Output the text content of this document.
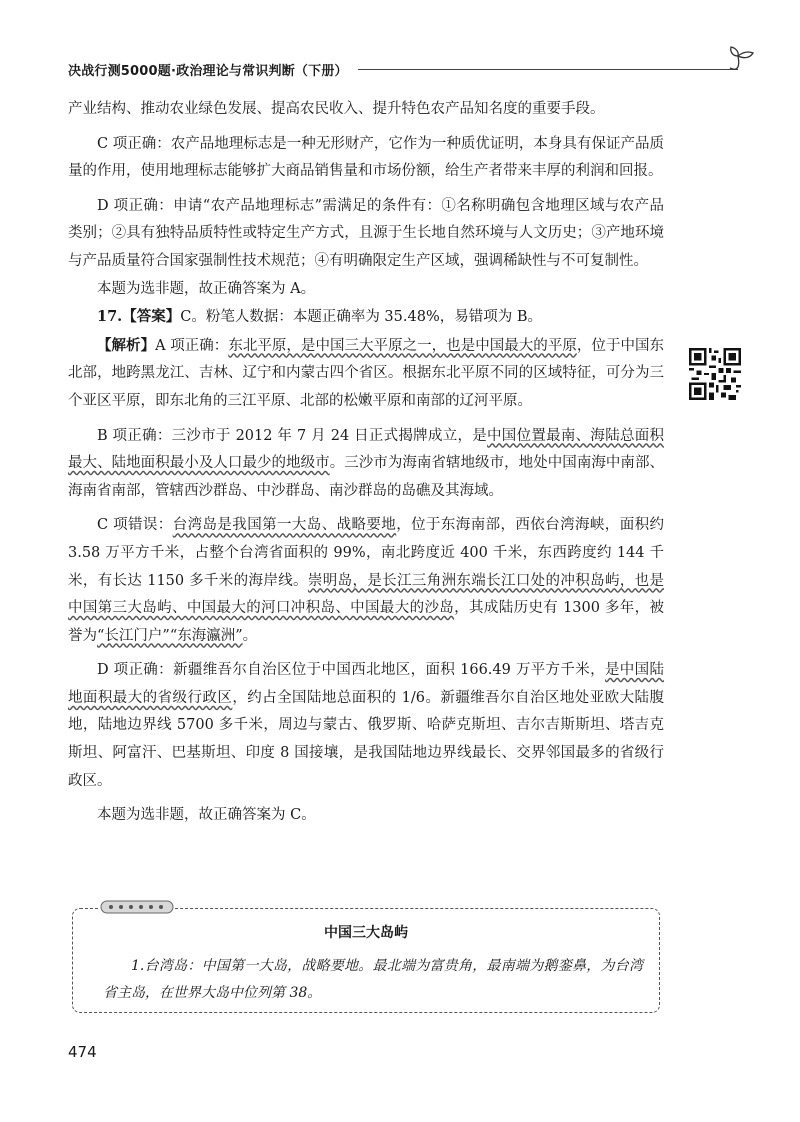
决战行测5000题·政治理论与常识判断（下册）

产业结构、推动农业绿色发展、提高农民收入、提升特色农产品知名度的重要手段。

C 项正确：农产品地理标志是一种无形财产，它作为一种质优证明，本身具有保证产品质量的作用，使用地理标志能够扩大商品销售量和市场份额，给生产者带来丰厚的利润和回报。

D 项正确：申请“农产品地理标志”需满足的条件有：①名称明确包含地理区域与农产品类别；②具有独特品质特性或特定生产方式，且源于生长地自然环境与人文历史；③产地环境与产品质量符合国家强制性技术规范；④有明确限定生产区域，强调稀缺性与不可复制性。

本题为选非题，故正确答案为 A。

17.【答案】C。粉笔人数据：本题正确率为 35.48%，易错项为 B。

【解析】A 项正确：东北平原，是中国三大平原之一，也是中国最大的平原，位于中国东北部，地跨黑龙江、吉林、辽宁和内蒙古四个省区。根据东北平原不同的区域特征，可分为三个亚区平原，即东北角的三江平原、北部的松嫩平原和南部的辽河平原。

B 项正确：三沙市于 2012 年 7 月 24 日正式揭牌成立，是中国位置最南、海陆总面积最大、陆地面积最小及人口最少的地级市。三沙市为海南省辖地级市，地处中国南海中南部、海南省南部，管辖西沙群岛、中沙群岛、南沙群岛的岛礁及其海域。

C 项错误：台湾岛是我国第一大岛、战略要地，位于东海南部，西依台湾海峡，面积约 3.58 万平方千米，占整个台湾省面积的 99%，南北跨度近 400 千米，东西跨度约 144 千米，有长达 1150 多千米的海岸线。崇明岛，是长江三角洲东端长江口处的冲积岛屿，也是中国第三大岛屿、中国最大的河口冲积岛、中国最大的沙岛，其成陆历史有 1300 多年，被誉为“长江门户”“东海瀛洲”。

D 项正确：新疆维吾尔自治区位于中国西北地区，面积 166.49 万平方千米，是中国陆地面积最大的省级行政区，约占全国陆地总面积的 1/6。新疆维吾尔自治区地处亚欧大陆腹地，陆地边界线 5700 多千米，周边与蒙古、俄罗斯、哈萨克斯坦、吉尔吉斯斯坦、塔吉克斯坦、阿富汗、巴基斯坦、印度 8 国接壤，是我国陆地边界线最长、交界邻国最多的省级行政区。

本题为选非题，故正确答案为 C。

中国三大岛屿
1.台湾岛：中国第一大岛，战略要地。最北端为富贵角，最南端为鹅銮鼻，为台湾省主岛，在世界大岛中位列第 38。
474
